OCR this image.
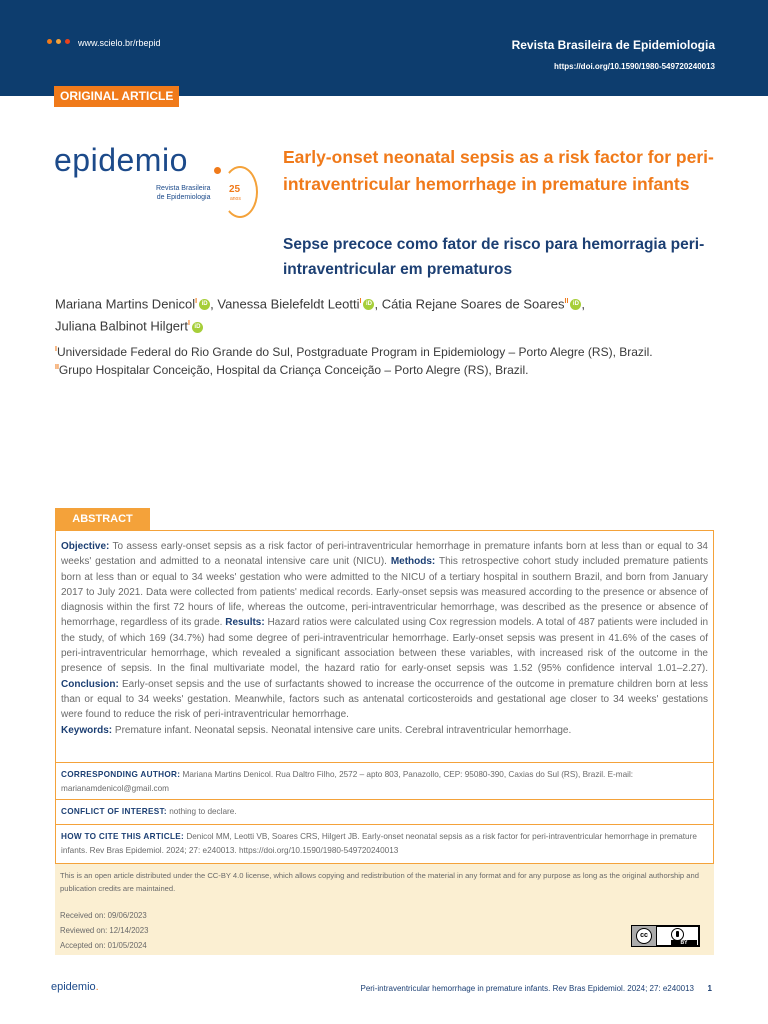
www.scielo.br/rbepid	Revista Brasileira de Epidemiologia
https://doi.org/10.1590/1980-549720240013
ORIGINAL ARTICLE
epidemio
Revista Brasileira
de Epidemiologia
25
anos
Early-onset neonatal sepsis as a risk factor for peri-intraventricular hemorrhage in premature infants
Sepse precoce como fator de risco para hemorragia peri-intraventricular em prematuros
Mariana Martins Denicol$^I$ iD , Vanessa Bielefeldt Leotti$^I$ iD , Cátia Rejane Soares de Soares$^{II}$ iD ,
Juliana Balbinot Hilgert$^I$ iD
$^I$Universidade Federal do Rio Grande do Sul, Postgraduate Program in Epidemiology – Porto Alegre (RS), Brazil.
$^{II}$Grupo Hospitalar Conceição, Hospital da Criança Conceição – Porto Alegre (RS), Brazil.
ABSTRACT
Objective: To assess early-onset sepsis as a risk factor of peri-intraventricular hemorrhage in premature infants born at less than or equal to 34 weeks' gestation and admitted to a neonatal intensive care unit (NICU). Methods: This retrospective cohort study included premature patients born at less than or equal to 34 weeks' gestation who were admitted to the NICU of a tertiary hospital in southern Brazil, and born from January 2017 to July 2021. Data were collected from patients' medical records. Early-onset sepsis was measured according to the presence or absence of diagnosis within the first 72 hours of life, whereas the outcome, peri-intraventricular hemorrhage, was described as the presence or absence of hemorrhage, regardless of its grade. Results: Hazard ratios were calculated using Cox regression models. A total of 487 patients were included in the study, of which 169 (34.7%) had some degree of peri-intraventricular hemorrhage. Early-onset sepsis was present in 41.6% of the cases of peri-intraventricular hemorrhage, which revealed a significant association between these variables, with increased risk of the outcome in the presence of sepsis. In the final multivariate model, the hazard ratio for early-onset sepsis was 1.52 (95% confidence interval 1.01–2.27). Conclusion: Early-onset sepsis and the use of surfactants showed to increase the occurrence of the outcome in premature children born at less than or equal to 34 weeks' gestation. Meanwhile, factors such as antenatal corticosteroids and gestational age closer to 34 weeks' gestations were found to reduce the risk of peri-intraventricular hemorrhage.
Keywords: Premature infant. Neonatal sepsis. Neonatal intensive care units. Cerebral intraventricular hemorrhage.
CORRESPONDING AUTHOR: Mariana Martins Denicol. Rua Daltro Filho, 2572 – apto 803, Panazollo, CEP: 95080-390, Caxias do Sul (RS), Brazil. E-mail: marianamdenicol@gmail.com
CONFLICT OF INTEREST: nothing to declare.
HOW TO CITE THIS ARTICLE: Denicol MM, Leotti VB, Soares CRS, Hilgert JB. Early-onset neonatal sepsis as a risk factor for peri-intraventricular hemorrhage in premature infants. Rev Bras Epidemiol. 2024; 27: e240013. https://doi.org/10.1590/1980-549720240013
This is an open article distributed under the CC-BY 4.0 license, which allows copying and redistribution of the material in any format and for any purpose as long as the original authorship and publication credits are maintained.
Received on: 09/06/2023
Reviewed on: 12/14/2023
Accepted on: 01/05/2024
cc
BY
epidemio.	Peri-intraventricular hemorrhage in premature infants. Rev Bras Epidemiol. 2024; 27: e240013 1
